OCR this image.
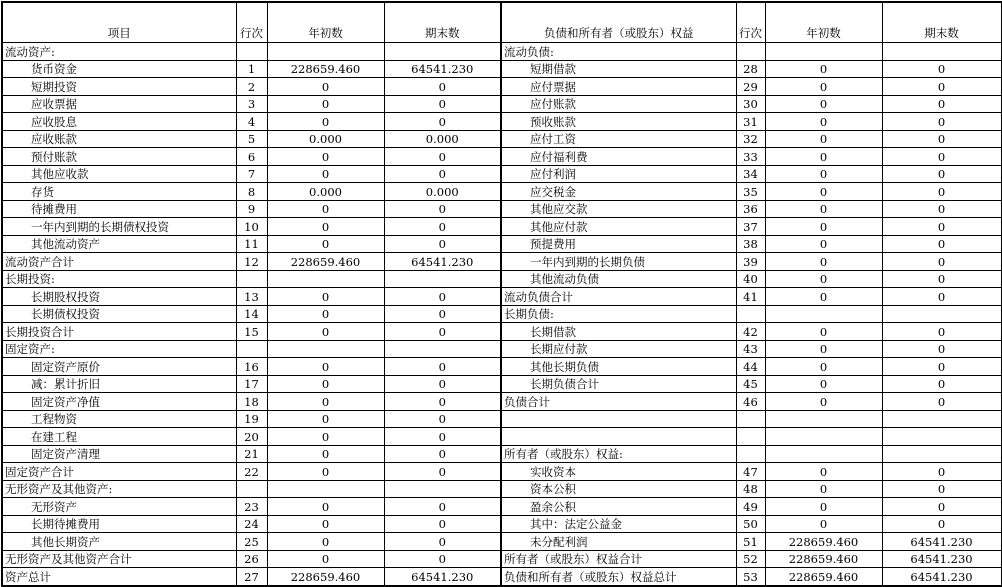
项目	行次	年初数	期末数	负债和所有者（或股东）权益	行次	年初数	期末数
流动资产:				流动负债:			
货币资金	1	228659.460	64541.230	短期借款	28	0	0
短期投资	2	0	0	应付票据	29	0	0
应收票据	3	0	0	应付账款	30	0	0
应收股息	4	0	0	预收账款	31	0	0
应收账款	5	0.000	0.000	应付工资	32	0	0
预付账款	6	0	0	应付福利费	33	0	0
其他应收款	7	0	0	应付利润	34	0	0
存货	8	0.000	0.000	应交税金	35	0	0
待摊费用	9	0	0	其他应交款	36	0	0
一年内到期的长期债权投资	10	0	0	其他应付款	37	0	0
其他流动资产	11	0	0	预提费用	38	0	0
流动资产合计	12	228659.460	64541.230	一年内到期的长期负债	39	0	0
长期投资:				其他流动负债	40	0	0
长期股权投资	13	0	0	流动负债合计	41	0	0
长期债权投资	14	0	0	长期负债:			
长期投资合计	15	0	0	长期借款	42	0	0
固定资产:				长期应付款	43	0	0
固定资产原价	16	0	0	其他长期负债	44	0	0
减：累计折旧	17	0	0	长期负债合计	45	0	0
固定资产净值	18	0	0	负债合计	46	0	0
工程物资	19	0	0				
在建工程	20	0	0				
固定资产清理	21	0	0	所有者（或股东）权益:			
固定资产合计	22	0	0	实收资本	47	0	0
无形资产及其他资产:				资本公积	48	0	0
无形资产	23	0	0	盈余公积	49	0	0
长期待摊费用	24	0	0	其中：法定公益金	50	0	0
其他长期资产	25	0	0	未分配利润	51	228659.460	64541.230
无形资产及其他资产合计	26	0	0	所有者（或股东）权益合计	52	228659.460	64541.230
资产总计	27	228659.460	64541.230	负债和所有者（或股东）权益总计	53	228659.460	64541.230
